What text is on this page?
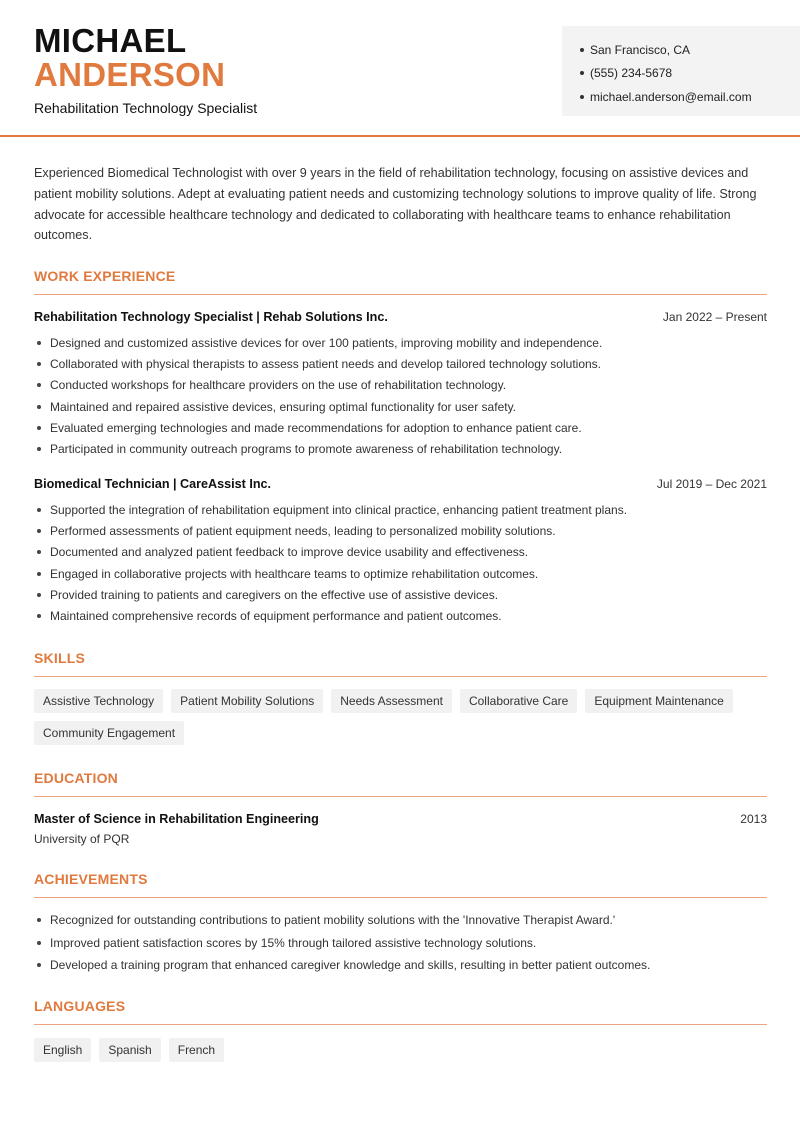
MICHAEL
ANDERSON
Rehabilitation Technology Specialist
San Francisco, CA
(555) 234-5678
michael.anderson@email.com

Experienced Biomedical Technologist with over 9 years in the field of rehabilitation technology, focusing on assistive devices and patient mobility solutions. Adept at evaluating patient needs and customizing technology solutions to improve quality of life. Strong advocate for accessible healthcare technology and dedicated to collaborating with healthcare teams to enhance rehabilitation outcomes.

WORK EXPERIENCE
Rehabilitation Technology Specialist | Rehab Solutions Inc.	Jan 2022 – Present
Designed and customized assistive devices for over 100 patients, improving mobility and independence.
Collaborated with physical therapists to assess patient needs and develop tailored technology solutions.
Conducted workshops for healthcare providers on the use of rehabilitation technology.
Maintained and repaired assistive devices, ensuring optimal functionality for user safety.
Evaluated emerging technologies and made recommendations for adoption to enhance patient care.
Participated in community outreach programs to promote awareness of rehabilitation technology.
Biomedical Technician | CareAssist Inc.	Jul 2019 – Dec 2021
Supported the integration of rehabilitation equipment into clinical practice, enhancing patient treatment plans.
Performed assessments of patient equipment needs, leading to personalized mobility solutions.
Documented and analyzed patient feedback to improve device usability and effectiveness.
Engaged in collaborative projects with healthcare teams to optimize rehabilitation outcomes.
Provided training to patients and caregivers on the effective use of assistive devices.
Maintained comprehensive records of equipment performance and patient outcomes.
SKILLS
Assistive Technology	Patient Mobility Solutions	Needs Assessment	Collaborative Care	Equipment Maintenance
Community Engagement
EDUCATION
Master of Science in Rehabilitation Engineering	2013
University of PQR
ACHIEVEMENTS
Recognized for outstanding contributions to patient mobility solutions with the 'Innovative Therapist Award.'
Improved patient satisfaction scores by 15% through tailored assistive technology solutions.
Developed a training program that enhanced caregiver knowledge and skills, resulting in better patient outcomes.
LANGUAGES
English	Spanish	French
